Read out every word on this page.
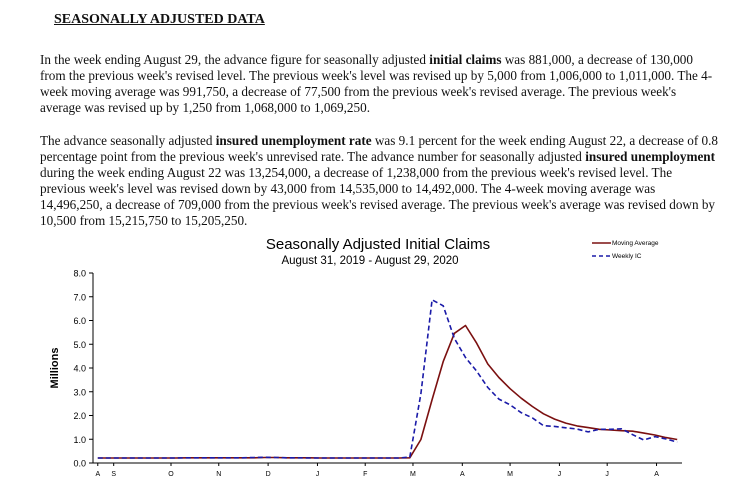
SEASONALLY ADJUSTED DATA
In the week ending August 29, the advance figure for seasonally adjusted initial claims was 881,000, a decrease of 130,000 from the previous week's revised level. The previous week's level was revised up by 5,000 from 1,006,000 to 1,011,000. The 4-week moving average was 991,750, a decrease of 77,500 from the previous week's revised average. The previous week's average was revised up by 1,250 from 1,068,000 to 1,069,250.
The advance seasonally adjusted insured unemployment rate was 9.1 percent for the week ending August 22, a decrease of 0.8 percentage point from the previous week's unrevised rate. The advance number for seasonally adjusted insured unemployment during the week ending August 22 was 13,254,000, a decrease of 1,238,000 from the previous week's revised level. The previous week's level was revised down by 43,000 from 14,535,000 to 14,492,000. The 4-week moving average was 14,496,250, a decrease of 709,000 from the previous week's revised average. The previous week's average was revised down by 10,500 from 15,215,750 to 15,205,250.
Seasonally Adjusted Initial Claims
August 31, 2019 - August 29, 2020
Millions
Moving Average
Weekly IC
0.0
1.0
2.0
3.0
4.0
5.0
6.0
7.0
8.0
A S	O	N	D	J	F	M	A	M	J	J	A
